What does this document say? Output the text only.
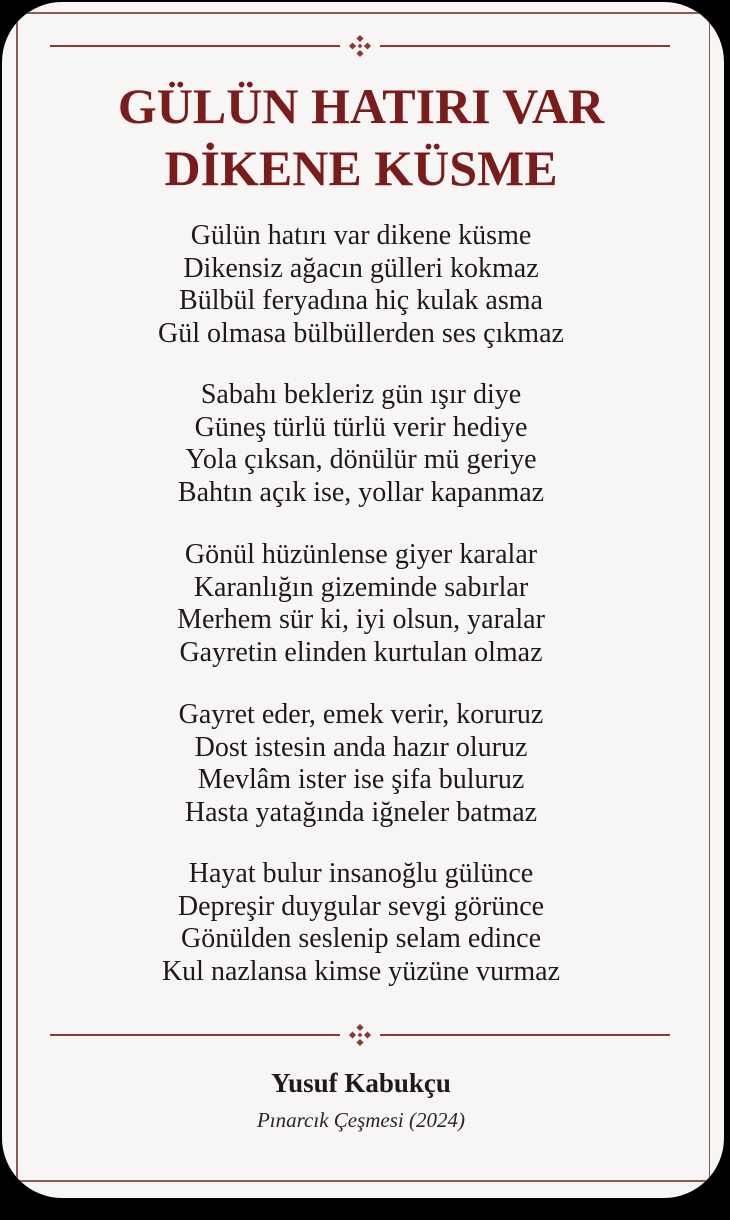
GÜLÜN HATIRI VAR
DİKENE KÜSME
Gülün hatırı var dikene küsme
Dikensiz ağacın gülleri kokmaz
Bülbül feryadına hiç kulak asma
Gül olmasa bülbüllerden ses çıkmaz
Sabahı bekleriz gün ışır diye
Güneş türlü türlü verir hediye
Yola çıksan, dönülür mü geriye
Bahtın açık ise, yollar kapanmaz
Gönül hüzünlense giyer karalar
Karanlığın gizeminde sabırlar
Merhem sür ki, iyi olsun, yaralar
Gayretin elinden kurtulan olmaz
Gayret eder, emek verir, koruruz
Dost istesin anda hazır oluruz
Mevlâm ister ise şifa buluruz
Hasta yatağında iğneler batmaz
Hayat bulur insanoğlu gülünce
Depreşir duygular sevgi görünce
Gönülden seslenip selam edince
Kul nazlansa kimse yüzüne vurmaz
Yusuf Kabukçu
Pınarcık Çeşmesi (2024)
